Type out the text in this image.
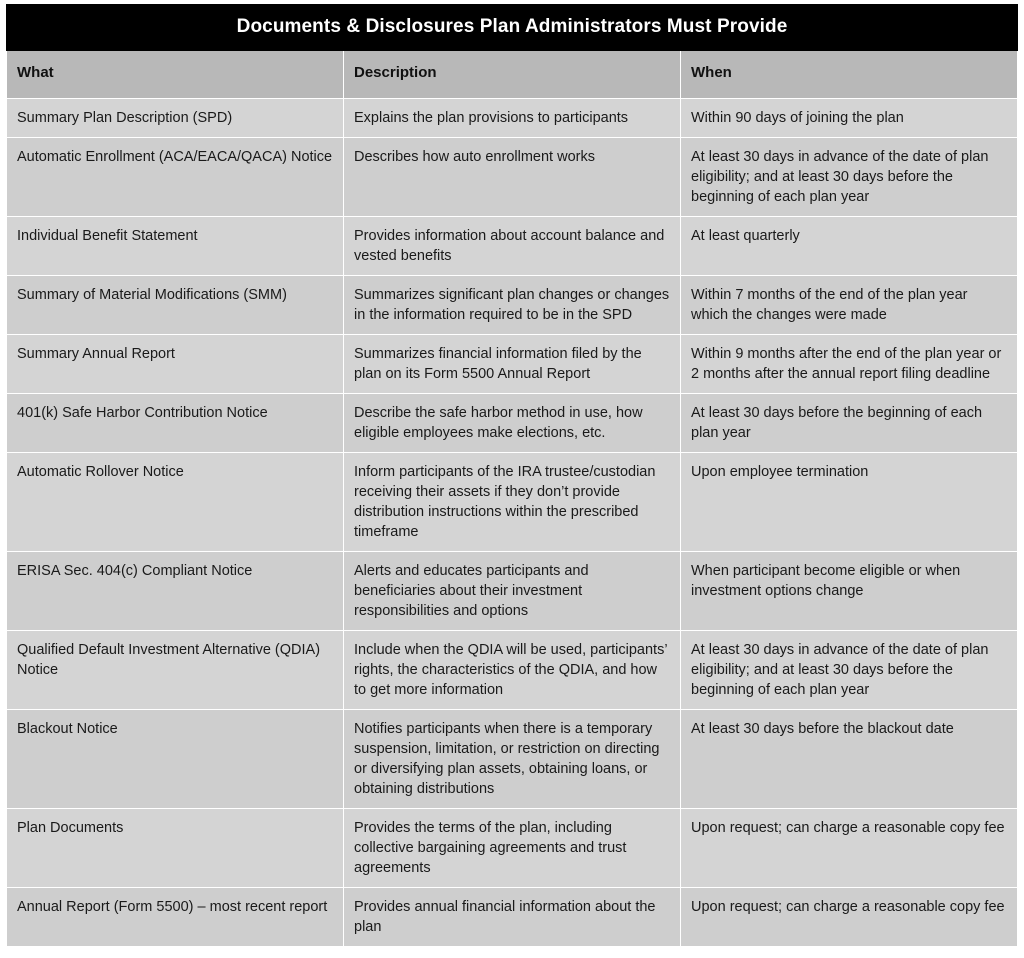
Documents & Disclosures Plan Administrators Must Provide		
What	Description	When

Summary Plan Description (SPD)	Explains the plan provisions to participants	Within 90 days of joining the plan

Automatic Enrollment (ACA/EACA/QACA) Notice	Describes how auto enrollment works	At least 30 days in advance of the date of plan eligibility; and at least 30 days before the beginning of each plan year

Individual Benefit Statement	Provides information about account balance and vested benefits	At least quarterly

Summary of Material Modifications (SMM)	Summarizes significant plan changes or changes in the information required to be in the SPD	Within 7 months of the end of the plan year which the changes were made

Summary Annual Report	Summarizes financial information filed by the plan on its Form 5500 Annual Report	Within 9 months after the end of the plan year or 2 months after the annual report filing deadline

401(k) Safe Harbor Contribution Notice	Describe the safe harbor method in use, how eligible employees make elections, etc.	At least 30 days before the beginning of each plan year

Automatic Rollover Notice	Inform participants of the IRA trustee/custodian receiving their assets if they don’t provide distribution instructions within the prescribed timeframe	Upon employee termination

ERISA Sec. 404(c) Compliant Notice	Alerts and educates participants and beneficiaries about their investment responsibilities and options	When participant become eligible or when investment options change

Qualified Default Investment Alternative (QDIA) Notice	Include when the QDIA will be used, participants’ rights, the characteristics of the QDIA, and how to get more information	At least 30 days in advance of the date of plan eligibility; and at least 30 days before the beginning of each plan year

Blackout Notice	Notifies participants when there is a temporary suspension, limitation, or restriction on directing or diversifying plan assets, obtaining loans, or obtaining distributions	At least 30 days before the blackout date

Plan Documents	Provides the terms of the plan, including collective bargaining agreements and trust agreements	Upon request; can charge a reasonable copy fee

Annual Report (Form 5500) – most recent report	Provides annual financial information about the plan	Upon request; can charge a reasonable copy fee
